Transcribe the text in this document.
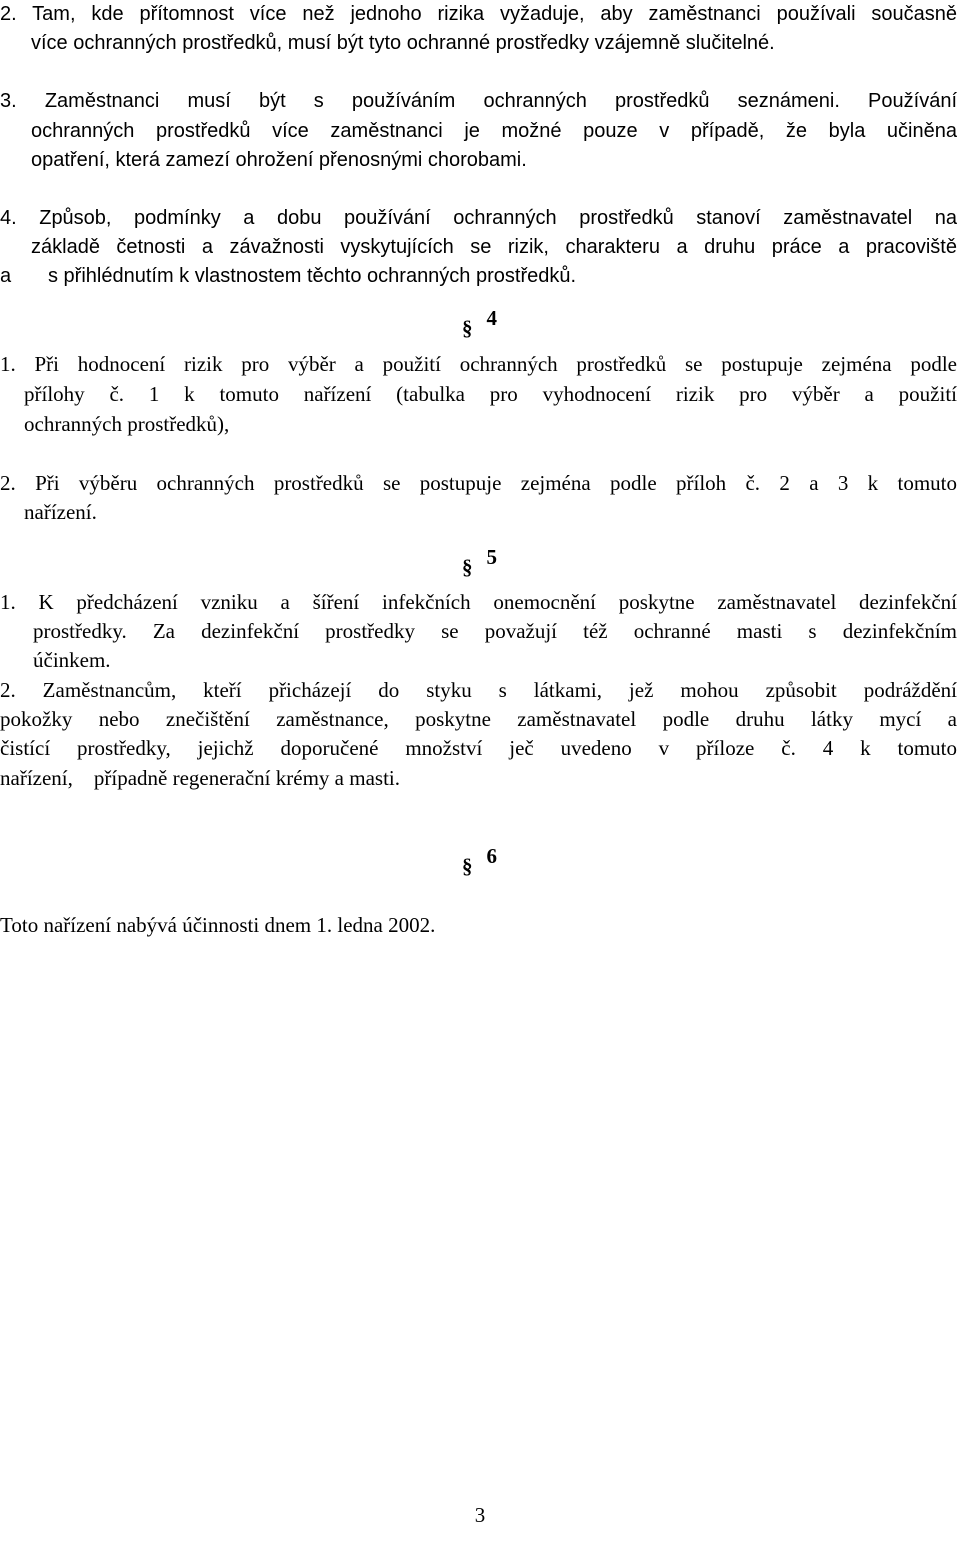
2. Tam, kde přítomnost více než jednoho rizika vyžaduje, aby zaměstnanci používali současně

více ochranných prostředků, musí být tyto ochranné prostředky vzájemně slučitelné.

3. Zaměstnanci musí být s používáním ochranných prostředků seznámeni. Používání

ochranných prostředků více zaměstnanci je možné pouze v případě, že byla učiněna

opatření, která zamezí ohrožení přenosnými chorobami.

4. Způsob, podmínky a dobu používání ochranných prostředků stanoví zaměstnavatel na

základě četnosti a závažnosti vyskytujících se rizik, charakteru a druhu práce a pracoviště

a s přihlédnutím k vlastnostem těchto ochranných prostředků.

§ 4

1. Při hodnocení rizik pro výběr a použití ochranných prostředků se postupuje zejména podle

přílohy č. 1 k tomuto nařízení (tabulka pro vyhodnocení rizik pro výběr a použití

ochranných prostředků),

2. Při výběru ochranných prostředků se postupuje zejména podle příloh č. 2 a 3 k tomuto

nařízení.

§ 5

1. K předcházení vzniku a šíření infekčních onemocnění poskytne zaměstnavatel dezinfekční

prostředky. Za dezinfekční prostředky se považují též ochranné masti s dezinfekčním

účinkem.

2. Zaměstnancům, kteří přicházejí do styku s látkami, jež mohou způsobit podráždění

pokožky nebo znečištění zaměstnance, poskytne zaměstnavatel podle druhu látky mycí a

čistící prostředky, jejichž doporučené množství ječ uvedeno v příloze č. 4 k tomuto

nařízení,    případně regenerační krémy a masti.

§ 6

Toto nařízení nabývá účinnosti dnem 1. ledna 2002.

3
